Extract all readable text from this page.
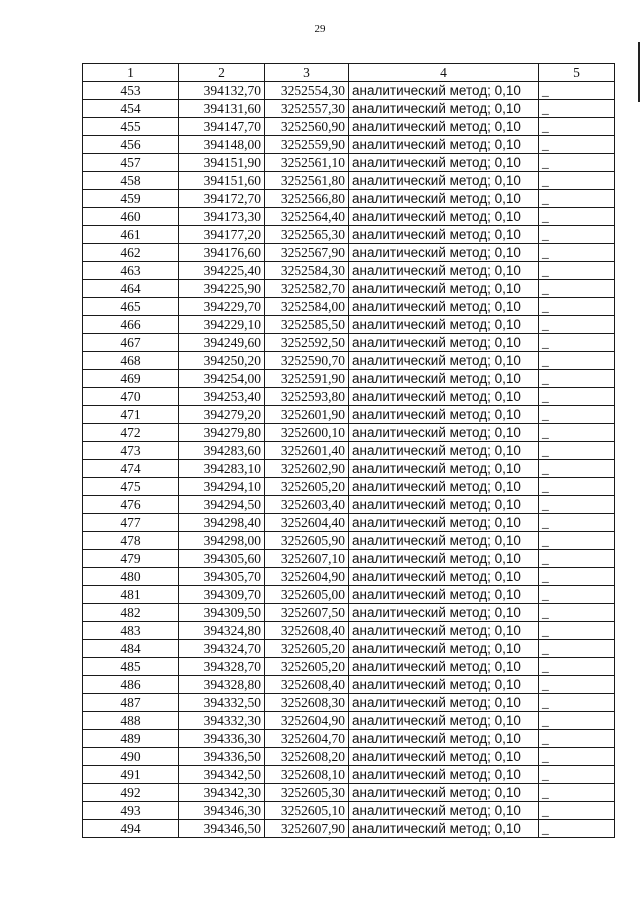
29
1	2	3	4	5
453	394132,70	3252554,30	аналитический метод; 0,10	_
454	394131,60	3252557,30	аналитический метод; 0,10	_
455	394147,70	3252560,90	аналитический метод; 0,10	_
456	394148,00	3252559,90	аналитический метод; 0,10	_
457	394151,90	3252561,10	аналитический метод; 0,10	_
458	394151,60	3252561,80	аналитический метод; 0,10	_
459	394172,70	3252566,80	аналитический метод; 0,10	_
460	394173,30	3252564,40	аналитический метод; 0,10	_
461	394177,20	3252565,30	аналитический метод; 0,10	_
462	394176,60	3252567,90	аналитический метод; 0,10	_
463	394225,40	3252584,30	аналитический метод; 0,10	_
464	394225,90	3252582,70	аналитический метод; 0,10	_
465	394229,70	3252584,00	аналитический метод; 0,10	_
466	394229,10	3252585,50	аналитический метод; 0,10	_
467	394249,60	3252592,50	аналитический метод; 0,10	_
468	394250,20	3252590,70	аналитический метод; 0,10	_
469	394254,00	3252591,90	аналитический метод; 0,10	_
470	394253,40	3252593,80	аналитический метод; 0,10	_
471	394279,20	3252601,90	аналитический метод; 0,10	_
472	394279,80	3252600,10	аналитический метод; 0,10	_
473	394283,60	3252601,40	аналитический метод; 0,10	_
474	394283,10	3252602,90	аналитический метод; 0,10	_
475	394294,10	3252605,20	аналитический метод; 0,10	_
476	394294,50	3252603,40	аналитический метод; 0,10	_
477	394298,40	3252604,40	аналитический метод; 0,10	_
478	394298,00	3252605,90	аналитический метод; 0,10	_
479	394305,60	3252607,10	аналитический метод; 0,10	_
480	394305,70	3252604,90	аналитический метод; 0,10	_
481	394309,70	3252605,00	аналитический метод; 0,10	_
482	394309,50	3252607,50	аналитический метод; 0,10	_
483	394324,80	3252608,40	аналитический метод; 0,10	_
484	394324,70	3252605,20	аналитический метод; 0,10	_
485	394328,70	3252605,20	аналитический метод; 0,10	_
486	394328,80	3252608,40	аналитический метод; 0,10	_
487	394332,50	3252608,30	аналитический метод; 0,10	_
488	394332,30	3252604,90	аналитический метод; 0,10	_
489	394336,30	3252604,70	аналитический метод; 0,10	_
490	394336,50	3252608,20	аналитический метод; 0,10	_
491	394342,50	3252608,10	аналитический метод; 0,10	_
492	394342,30	3252605,30	аналитический метод; 0,10	_
493	394346,30	3252605,10	аналитический метод; 0,10	_
494	394346,50	3252607,90	аналитический метод; 0,10	_
